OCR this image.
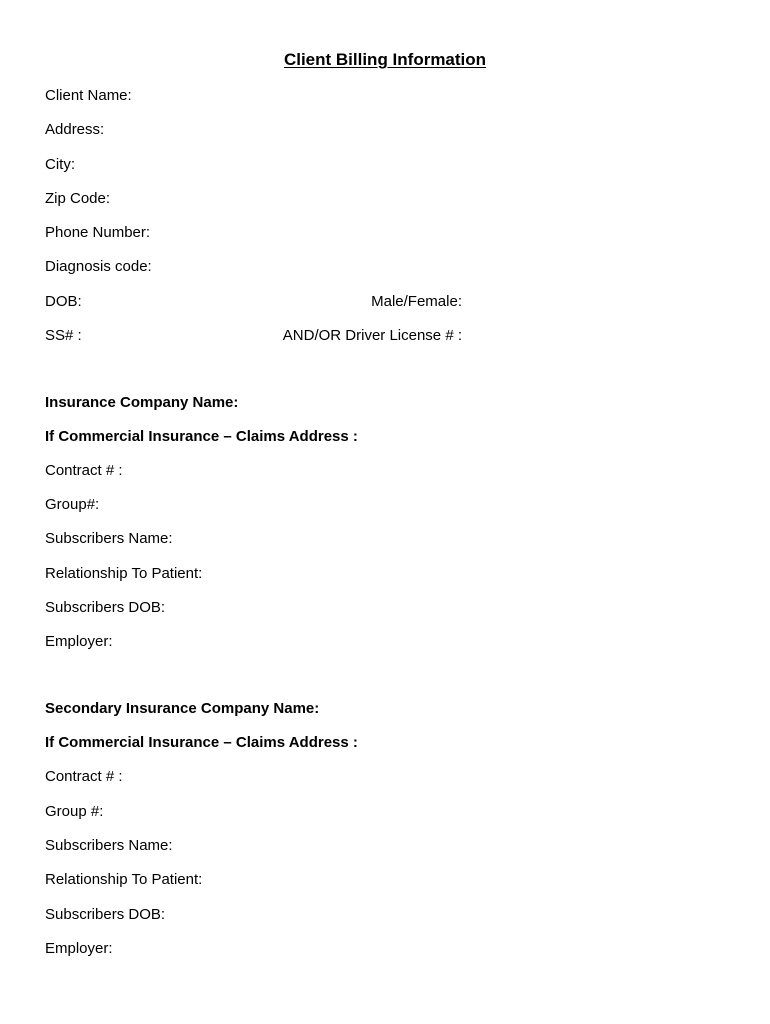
Client Billing Information
Client Name:
Address:
City:
Zip Code:
Phone Number:
Diagnosis code:
DOB:	Male/Female:
SS# :	AND/OR Driver License # :
Insurance Company Name:
If Commercial Insurance – Claims Address :
Contract # :
Group#:
Subscribers Name:
Relationship To Patient:
Subscribers DOB:
Employer:
Secondary Insurance Company Name:
If Commercial Insurance – Claims Address :
Contract # :
Group #:
Subscribers Name:
Relationship To Patient:
Subscribers DOB:
Employer:
